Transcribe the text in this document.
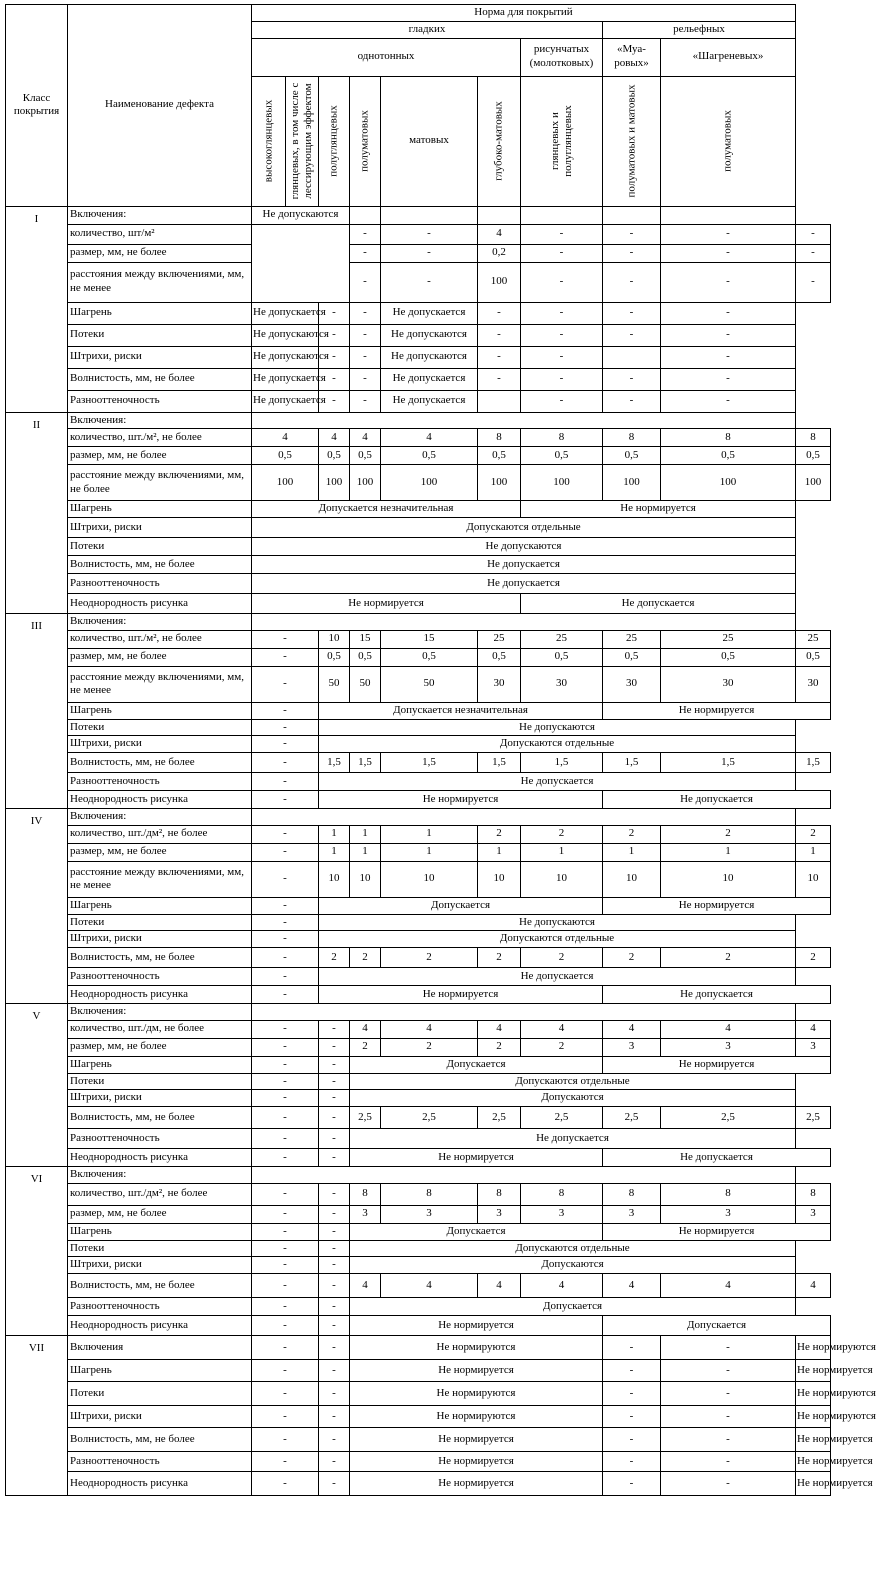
Класс покрытия	Наименование дефекта	Норма для покрытий									
		гладких							рельефных		
		однотонных						рисунчатых (молотковых)	«Муа-ровых»	«Шагреневых»	

		высокоглянцевых	глянцевых, в том числе с лессирующим эффектом	полуглянцевых	полуматовых	матовых	глубоко-матовых	глянцевых и полуглянцевых	полуматовых и матовых	полуматовых	

I	Включения:	Не допускаются									
	количество, шт/м²				-	-	4	-	-	-	-
	размер, мм, не более				-	-	0,2	-	-	-	-
	расстояния между включениями, мм, не менее				-	-	100	-	-	-	-
	Шагрень	Не допускается		-	-	Не допускается	-	-	-	-	
	Потеки	Не допускаются		-	-	Не допускаются	-	-	-	-	
	Штрихи, риски	Не допускаются		-	-	Не допускаются	-	-		-	
	Волнистость, мм, не более	Не допускается		-	-	Не допускается	-	-	-	-	
	Разнооттеночность	Не допускается		-	-	Не допускается		-	-	-	
II	Включения:										
	количество, шт./м², не более	4		4	4	4	8	8	8	8	8
	размер, мм, не более	0,5		0,5	0,5	0,5	0,5	0,5	0,5	0,5	0,5
	расстояние между включениями, мм, не более	100		100	100	100	100	100	100	100	100
	Шагрень	Допускается незначительная						Не нормируется			
	Штрихи, риски	Допускаются отдельные									
	Потеки	Не допускаются									
	Волнистость, мм, не более	Не допускается									
	Разнооттеночность	Не допускается									
	Неоднородность рисунка	Не нормируется						Не допускается			
III	Включения:										
	количество, шт./м², не более	-		10	15	15	25	25	25	25	25
	размер, мм, не более	-		0,5	0,5	0,5	0,5	0,5	0,5	0,5	0,5
	расстояние между включениями, мм, не менее	-		50	50	50	30	30	30	30	30
	Шагрень	-		Допускается незначительная					Не нормируется		
	Потеки	-		Не допускаются							
	Штрихи, риски	-		Допускаются отдельные							
	Волнистость, мм, не более	-		1,5	1,5	1,5	1,5	1,5	1,5	1,5	1,5
	Разнооттеночность	-		Не допускается							
	Неоднородность рисунка	-		Не нормируется					Не допускается		
IV	Включения:										
	количество, шт./дм², не более	-		1	1	1	2	2	2	2	2
	размер, мм, не более	-		1	1	1	1	1	1	1	1
	расстояние между включениями, мм, не менее	-		10	10	10	10	10	10	10	10
	Шагрень	-		Допускается					Не нормируется		
	Потеки	-		Не допускаются							
	Штрихи, риски	-		Допускаются отдельные							
	Волнистость, мм, не более	-		2	2	2	2	2	2	2	2
	Разнооттеночность	-		Не допускается							
	Неоднородность рисунка	-		Не нормируется					Не допускается		
V	Включения:										
	количество, шт./дм, не более	-		-	4	4	4	4	4	4	4
	размер, мм, не более	-		-	2	2	2	2	3	3	3
	Шагрень	-		-	Допускается				Не нормируется		
	Потеки	-		-	Допускаются отдельные						
	Штрихи, риски	-		-	Допускаются						
	Волнистость, мм, не более	-		-	2,5	2,5	2,5	2,5	2,5	2,5	2,5
	Разнооттеночность	-		-	Не допускается						
	Неоднородность рисунка	-		-	Не нормируется				Не допускается		
VI	Включения:										
	количество, шт./дм², не более	-		-	8	8	8	8	8	8	8
	размер, мм, не более	-		-	3	3	3	3	3	3	3
	Шагрень	-		-	Допускается				Не нормируется		
	Потеки	-		-	Допускаются отдельные						
	Штрихи, риски	-		-	Допускаются						
	Волнистость, мм, не более	-		-	4	4	4	4	4	4	4
	Разнооттеночность	-		-	Допускается						
	Неоднородность рисунка	-		-	Не нормируется				Допускается		
VII	Включения	-		-	Не нормируются				-	-	Не нормируются
	Шагрень	-		-	Не нормируется				-	-	Не нормируется
	Потеки	-		-	Не нормируются				-	-	Не нормируются
	Штрихи, риски	-		-	Не нормируются				-	-	Не нормируются
	Волнистость, мм, не более	-		-	Не нормируется				-	-	Не нормируется
	Разнооттеночность	-		-	Не нормируется				-	-	Не нормируется
	Неоднородность рисунка	-		-	Не нормируется				-	-	Не нормируется
